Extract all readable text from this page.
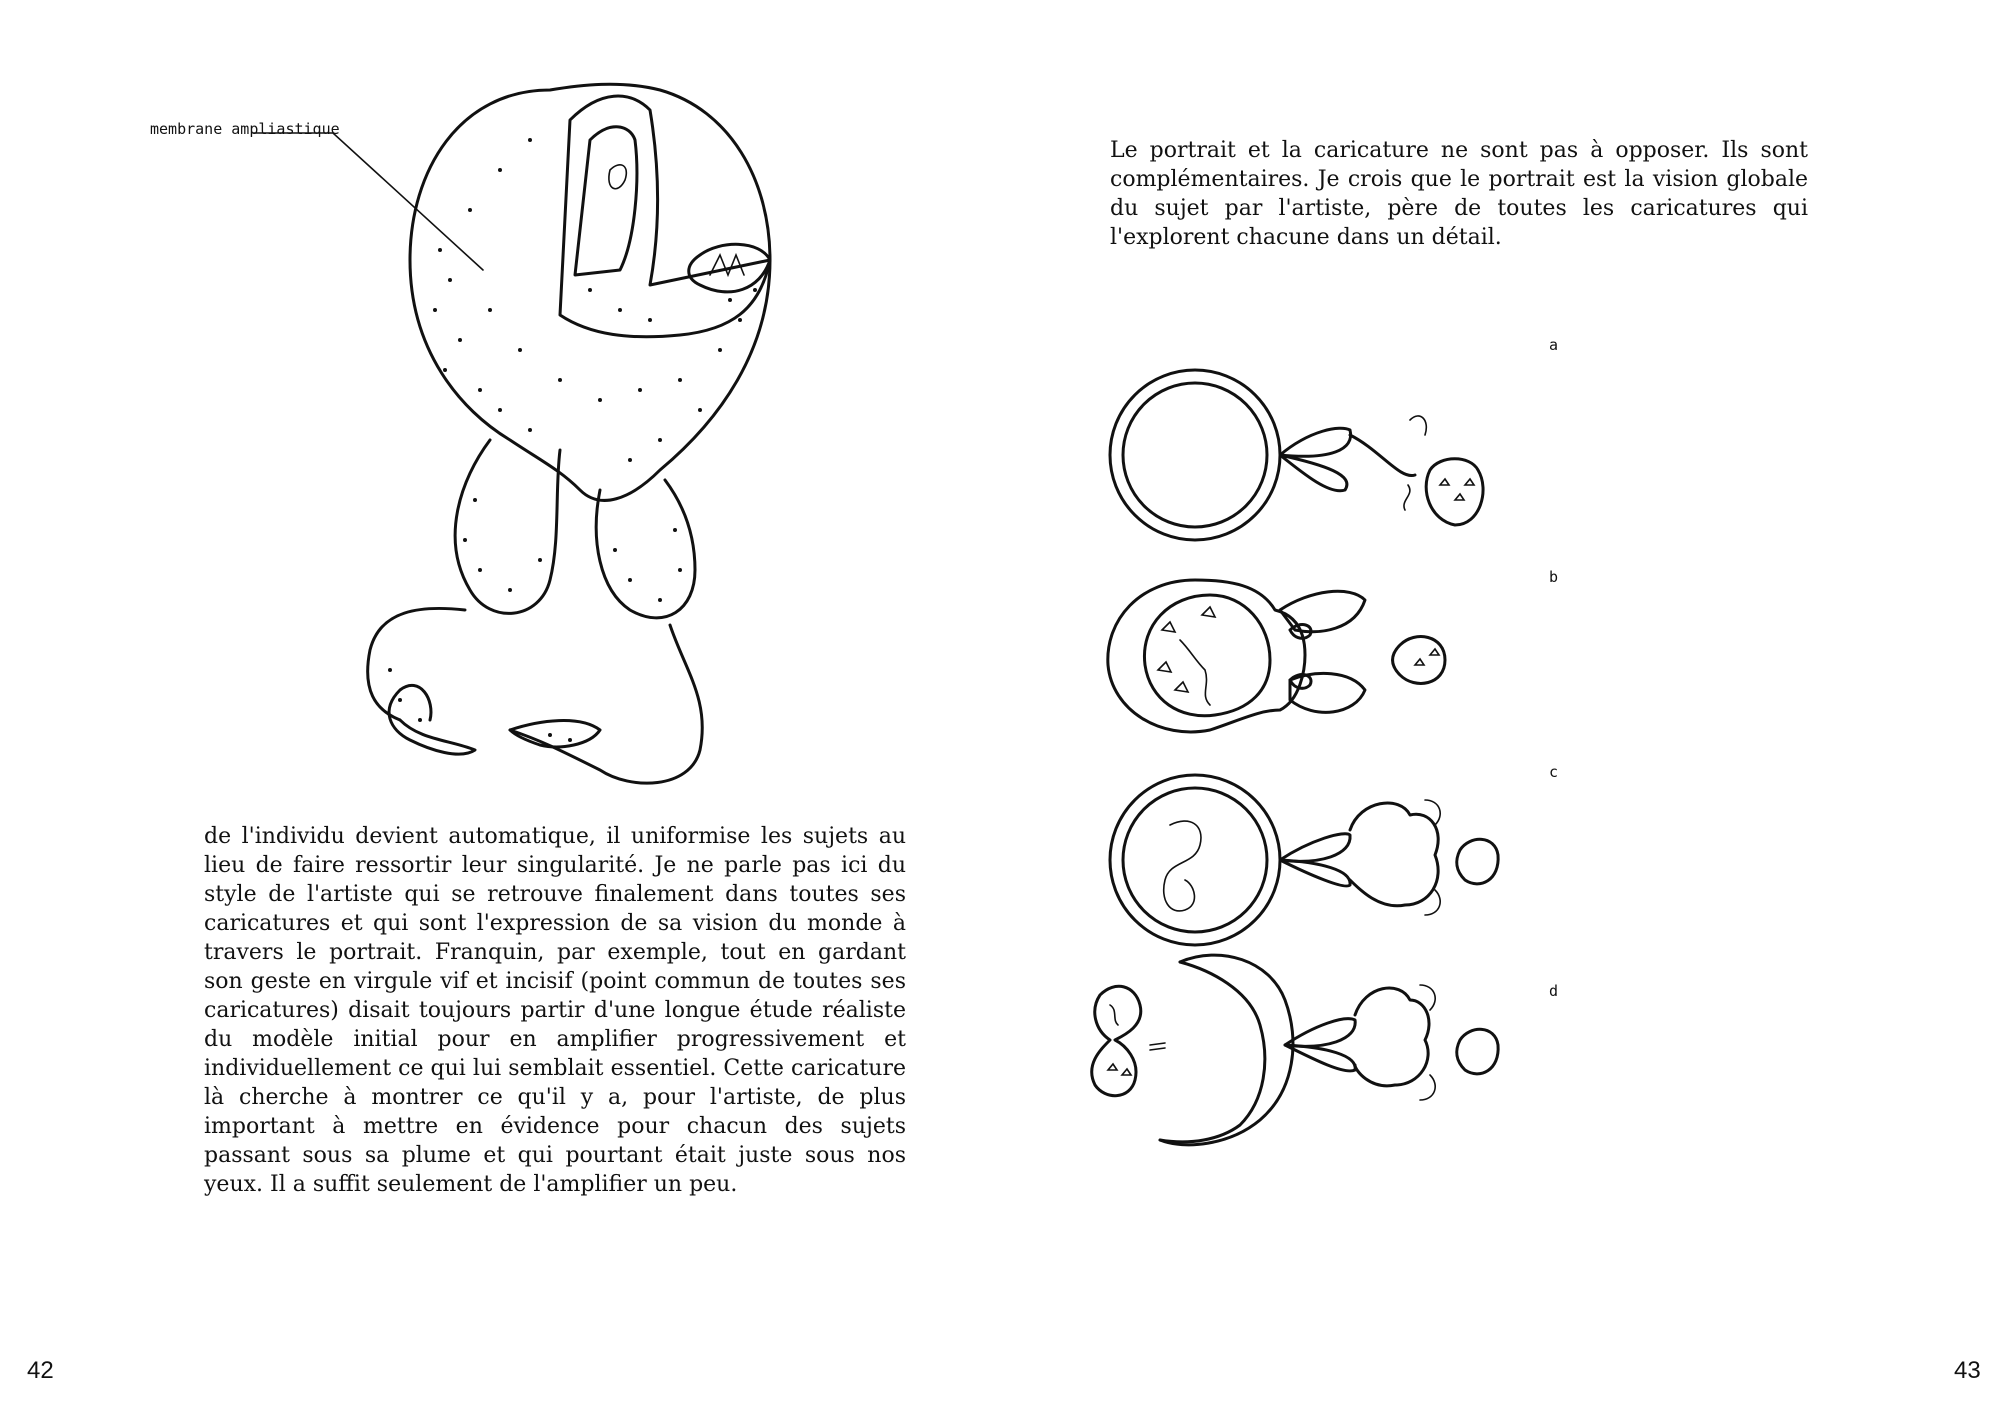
membrane ampliastique

de l'individu devient automatique, il uniformise les sujets au lieu de faire ressortir leur singularité. Je ne parle pas ici du style de l'artiste qui se retrouve finalement dans toutes ses caricatures et qui sont l'expression de sa vision du monde à travers le portrait. Franquin, par exemple, tout en gardant son geste en virgule vif et incisif (point commun de toutes ses caricatures) disait toujours partir d'une longue étude réaliste du modèle initial pour en amplifier progressivement et individuellement ce qui lui semblait essentiel. Cette caricature là cherche à montrer ce qu'il y a, pour l'artiste, de plus important à mettre en évidence pour chacun des sujets passant sous sa plume et qui pourtant était juste sous nos yeux. Il a suffit seulement de l'amplifier un peu.

42

Le portrait et la caricature ne sont pas à opposer. Ils sont complémentaires. Je crois que le portrait est la vision globale du sujet par l'artiste, père de toutes les caricatures qui l'explorent chacune dans un détail.

a
b
c
d
43
